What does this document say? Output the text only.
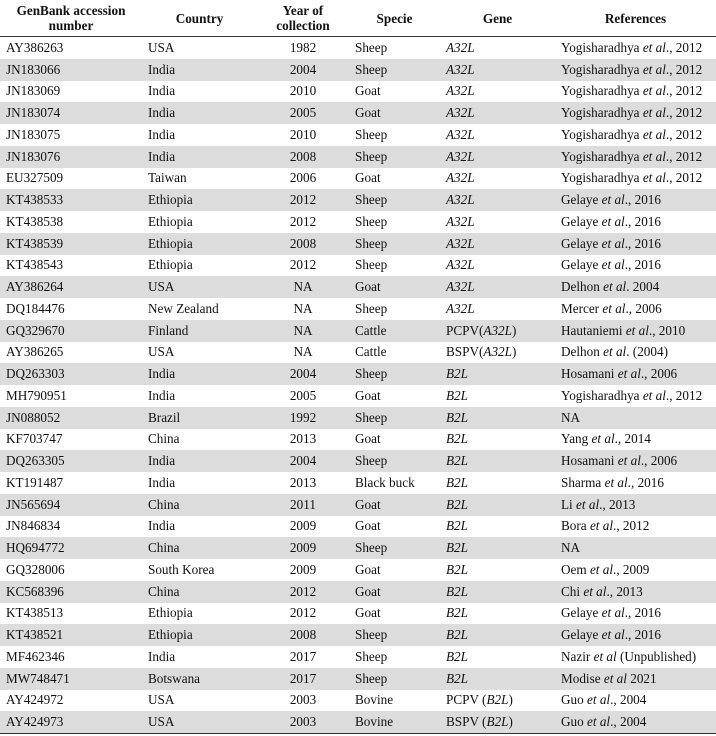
GenBank accession number	Country	Year of collection	Specie	Gene	References
AY386263	USA	1982	Sheep	A32L	Yogisharadhya et al., 2012
JN183066	India	2004	Sheep	A32L	Yogisharadhya et al., 2012
JN183069	India	2010	Goat	A32L	Yogisharadhya et al., 2012
JN183074	India	2005	Goat	A32L	Yogisharadhya et al., 2012
JN183075	India	2010	Sheep	A32L	Yogisharadhya et al., 2012
JN183076	India	2008	Sheep	A32L	Yogisharadhya et al., 2012
EU327509	Taiwan	2006	Goat	A32L	Yogisharadhya et al., 2012
KT438533	Ethiopia	2012	Sheep	A32L	Gelaye et al., 2016
KT438538	Ethiopia	2012	Sheep	A32L	Gelaye et al., 2016
KT438539	Ethiopia	2008	Sheep	A32L	Gelaye et al., 2016
KT438543	Ethiopia	2012	Sheep	A32L	Gelaye et al., 2016
AY386264	USA	NA	Goat	A32L	Delhon et al. 2004
DQ184476	New Zealand	NA	Sheep	A32L	Mercer et al., 2006
GQ329670	Finland	NA	Cattle	PCPV(A32L)	Hautaniemi et al., 2010
AY386265	USA	NA	Cattle	BSPV(A32L)	Delhon et al. (2004)
DQ263303	India	2004	Sheep	B2L	Hosamani et al., 2006
MH790951	India	2005	Goat	B2L	Yogisharadhya et al., 2012
JN088052	Brazil	1992	Sheep	B2L	NA
KF703747	China	2013	Goat	B2L	Yang et al., 2014
DQ263305	India	2004	Sheep	B2L	Hosamani et al., 2006
KT191487	India	2013	Black buck	B2L	Sharma et al., 2016
JN565694	China	2011	Goat	B2L	Li et al., 2013
JN846834	India	2009	Goat	B2L	Bora et al., 2012
HQ694772	China	2009	Sheep	B2L	NA
GQ328006	South Korea	2009	Goat	B2L	Oem et al., 2009
KC568396	China	2012	Goat	B2L	Chi et al., 2013
KT438513	Ethiopia	2012	Goat	B2L	Gelaye et al., 2016
KT438521	Ethiopia	2008	Sheep	B2L	Gelaye et al., 2016
MF462346	India	2017	Sheep	B2L	Nazir et al (Unpublished)
MW748471	Botswana	2017	Sheep	B2L	Modise et al 2021
AY424972	USA	2003	Bovine	PCPV (B2L)	Guo et al., 2004
AY424973	USA	2003	Bovine	BSPV (B2L)	Guo et al., 2004
